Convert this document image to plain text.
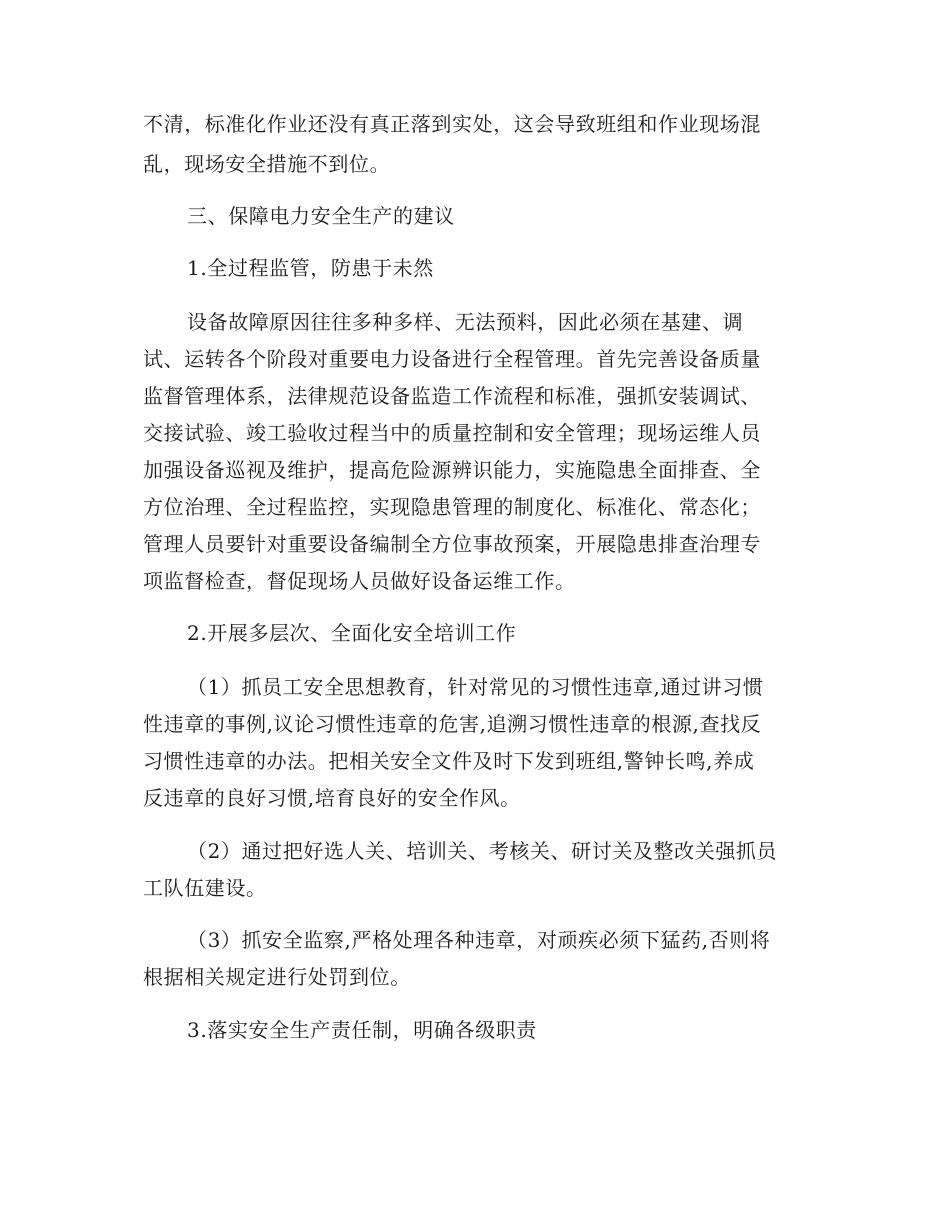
不清，标准化作业还没有真正落到实处，这会导致班组和作业现场混
乱，现场安全措施不到位。
三、保障电力安全生产的建议
1.全过程监管，防患于未然
设备故障原因往往多种多样、无法预料，因此必须在基建、调
试、运转各个阶段对重要电力设备进行全程管理。首先完善设备质量
监督管理体系，法律规范设备监造工作流程和标准，强抓安装调试、
交接试验、竣工验收过程当中的质量控制和安全管理；现场运维人员
加强设备巡视及维护，提高危险源辨识能力，实施隐患全面排查、全
方位治理、全过程监控，实现隐患管理的制度化、标准化、常态化；
管理人员要针对重要设备编制全方位事故预案，开展隐患排查治理专
项监督检查，督促现场人员做好设备运维工作。
2.开展多层次、全面化安全培训工作
（1）抓员工安全思想教育，针对常见的习惯性违章,通过讲习惯
性违章的事例,议论习惯性违章的危害,追溯习惯性违章的根源,查找反
习惯性违章的办法。把相关安全文件及时下发到班组,警钟长鸣,养成
反违章的良好习惯,培育良好的安全作风。
（2）通过把好选人关、培训关、考核关、研讨关及整改关强抓员
工队伍建设。
（3）抓安全监察,严格处理各种违章，对顽疾必须下猛药,否则将
根据相关规定进行处罚到位。
3.落实安全生产责任制，明确各级职责
